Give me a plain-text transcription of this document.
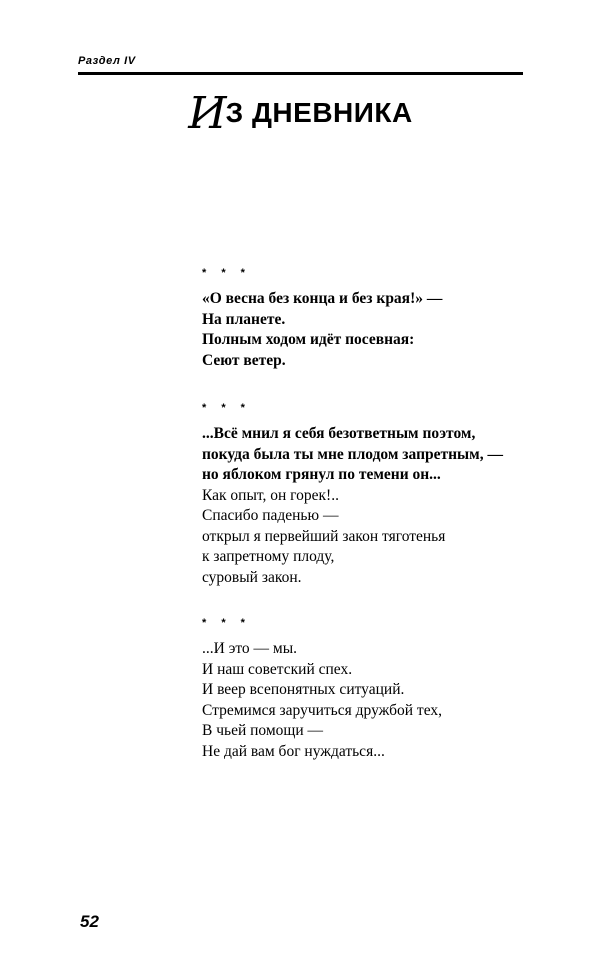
Раздел IV
ИЗ ДНЕВНИКА
* * *
«О весна без конца и без края!» —
На планете.
Полным ходом идёт посевная:
Сеют ветер.
* * *
...Всё мнил я себя безответным поэтом,
покуда была ты мне плодом запретным, —
но яблоком грянул по темени он...
Как опыт, он горек!..
Спасибо паденью —
открыл я первейший закон тяготенья
к запретному плоду,
суровый закон.
* * *
...И это — мы.
И наш советский спех.
И веер всепонятных ситуаций.
Стремимся заручиться дружбой тех,
В чьей помощи —
Не дай вам бог нуждаться...
52
